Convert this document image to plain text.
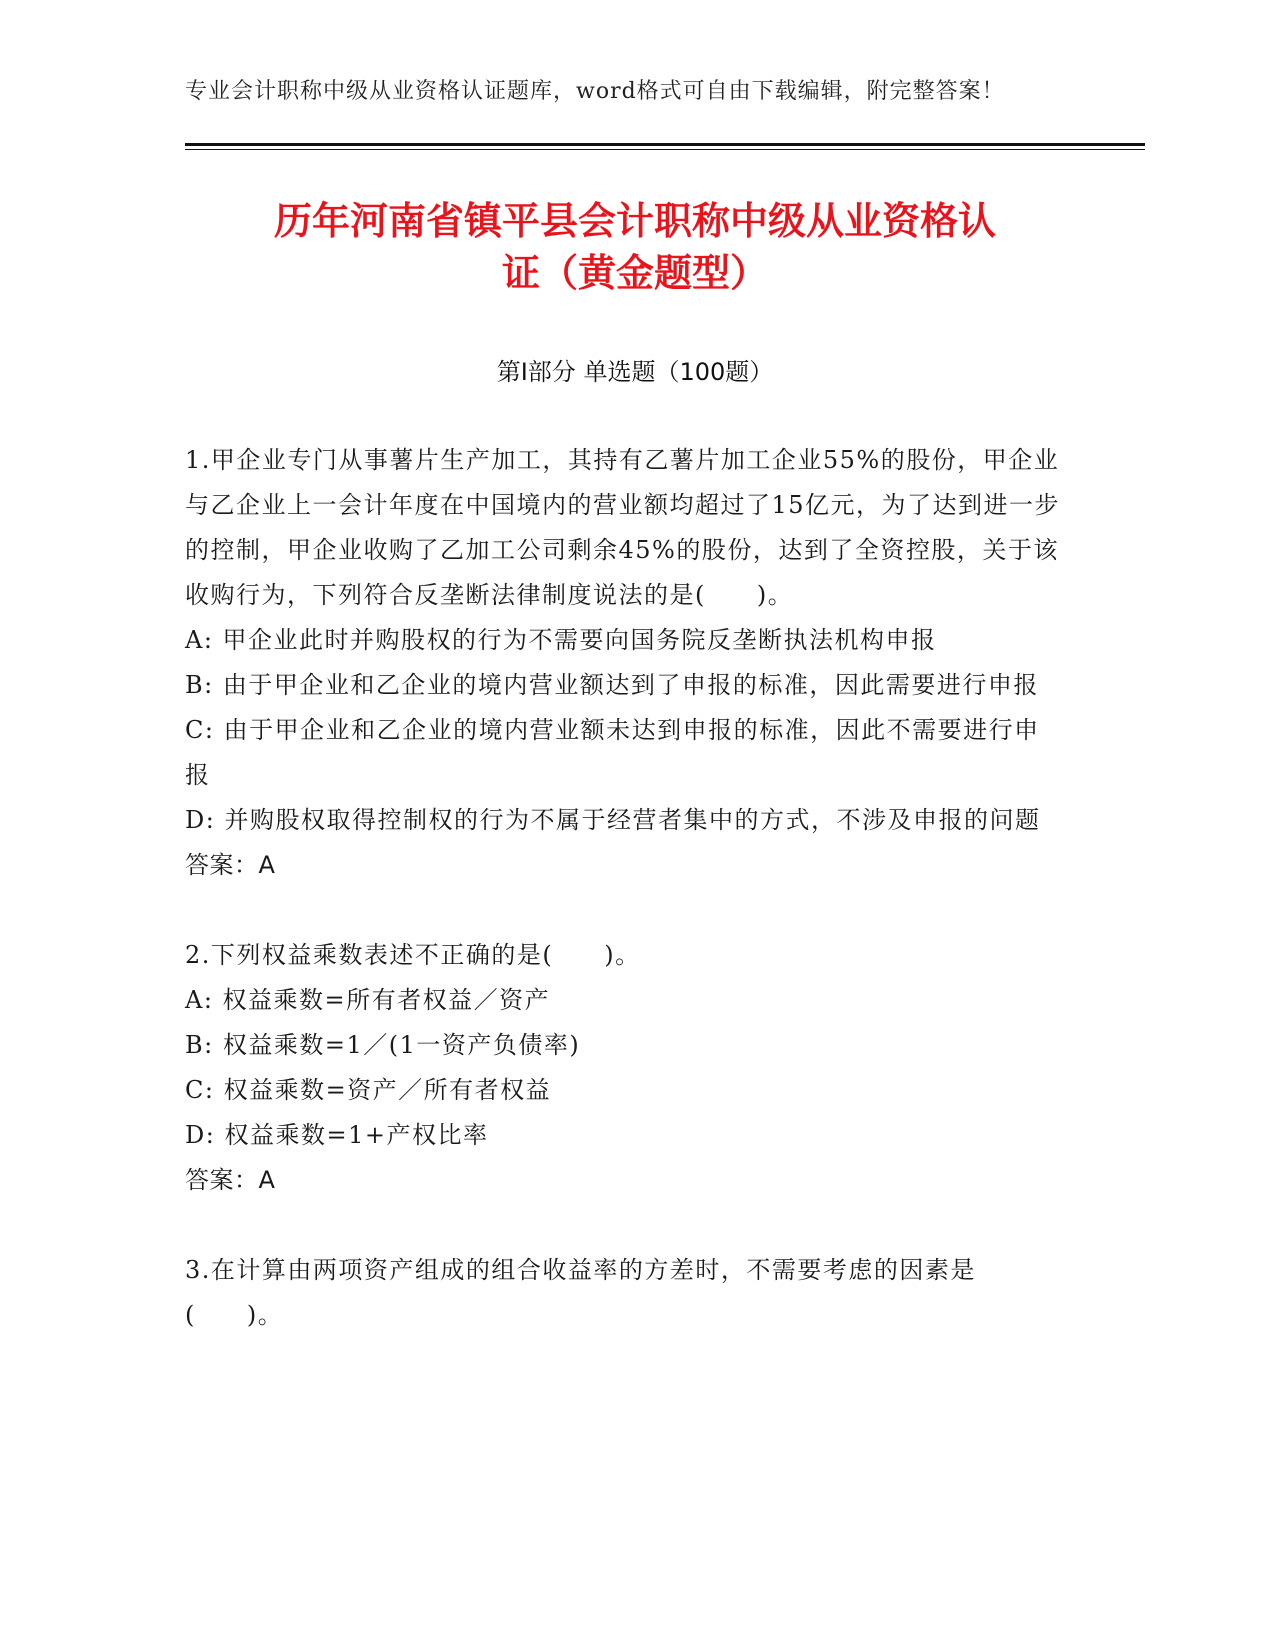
专业会计职称中级从业资格认证题库，word格式可自由下载编辑，附完整答案！
历年河南省镇平县会计职称中级从业资格认
证（黄金题型）
第Ⅰ部分 单选题（100题）

1.甲企业专门从事薯片生产加工，其持有乙薯片加工企业55%的股份，甲企业与乙企业上一会计年度在中国境内的营业额均超过了15亿元，为了达到进一步的控制，甲企业收购了乙加工公司剩余45%的股份，达到了全资控股，关于该收购行为，下列符合反垄断法律制度说法的是(　　)。

A: 甲企业此时并购股权的行为不需要向国务院反垄断执法机构申报

B: 由于甲企业和乙企业的境内营业额达到了申报的标准，因此需要进行申报

C: 由于甲企业和乙企业的境内营业额未达到申报的标准，因此不需要进行申报

D: 并购股权取得控制权的行为不属于经营者集中的方式，不涉及申报的问题

答案：A

2.下列权益乘数表述不正确的是(　　)。

A: 权益乘数=所有者权益／资产

B: 权益乘数=1／(1一资产负债率)

C: 权益乘数=资产／所有者权益

D: 权益乘数=1+产权比率

答案：A

3.在计算由两项资产组成的组合收益率的方差时，不需要考虑的因素是(　　)。
